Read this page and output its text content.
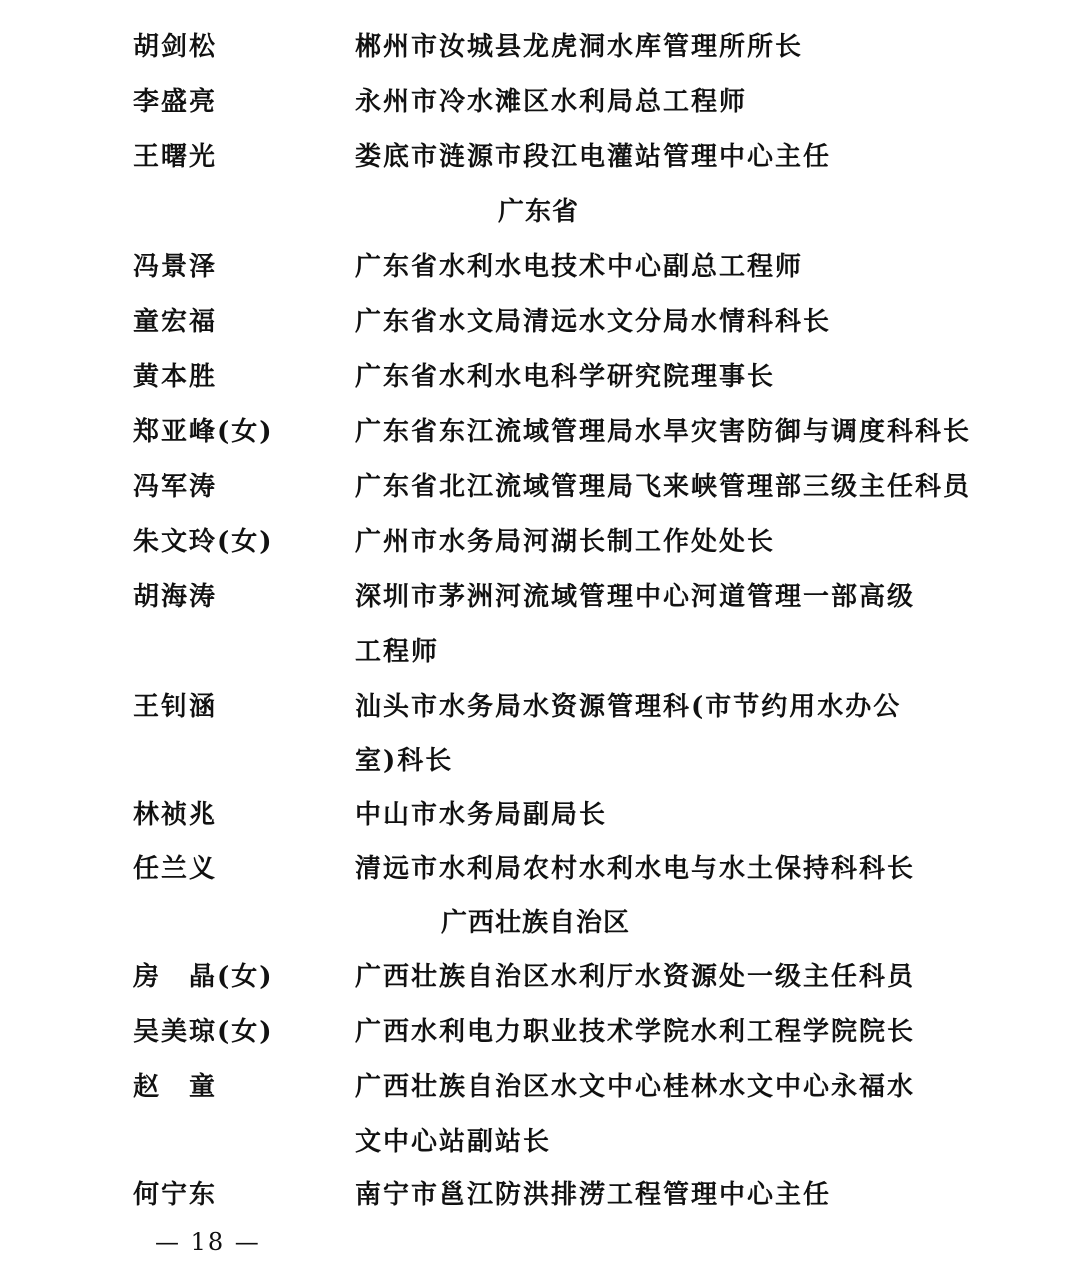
胡剑松	郴州市汝城县龙虎洞水库管理所所长
李盛亮	永州市冷水滩区水利局总工程师
王曙光	娄底市涟源市段江电灌站管理中心主任
广东省
冯景泽	广东省水利水电技术中心副总工程师
童宏福	广东省水文局清远水文分局水情科科长
黄本胜	广东省水利水电科学研究院理事长
郑亚峰(女)	广东省东江流域管理局水旱灾害防御与调度科科长
冯军涛	广东省北江流域管理局飞来峡管理部三级主任科员
朱文玲(女)	广州市水务局河湖长制工作处处长
胡海涛	深圳市茅洲河流域管理中心河道管理一部高级
工程师
王钊涵	汕头市水务局水资源管理科(市节约用水办公
室)科长
林祯兆	中山市水务局副局长
任兰义	清远市水利局农村水利水电与水土保持科科长
广西壮族自治区
房　晶(女)	广西壮族自治区水利厅水资源处一级主任科员
吴美琼(女)	广西水利电力职业技术学院水利工程学院院长
赵　童	广西壮族自治区水文中心桂林水文中心永福水
文中心站副站长
何宁东	南宁市邕江防洪排涝工程管理中心主任
— 18 —
